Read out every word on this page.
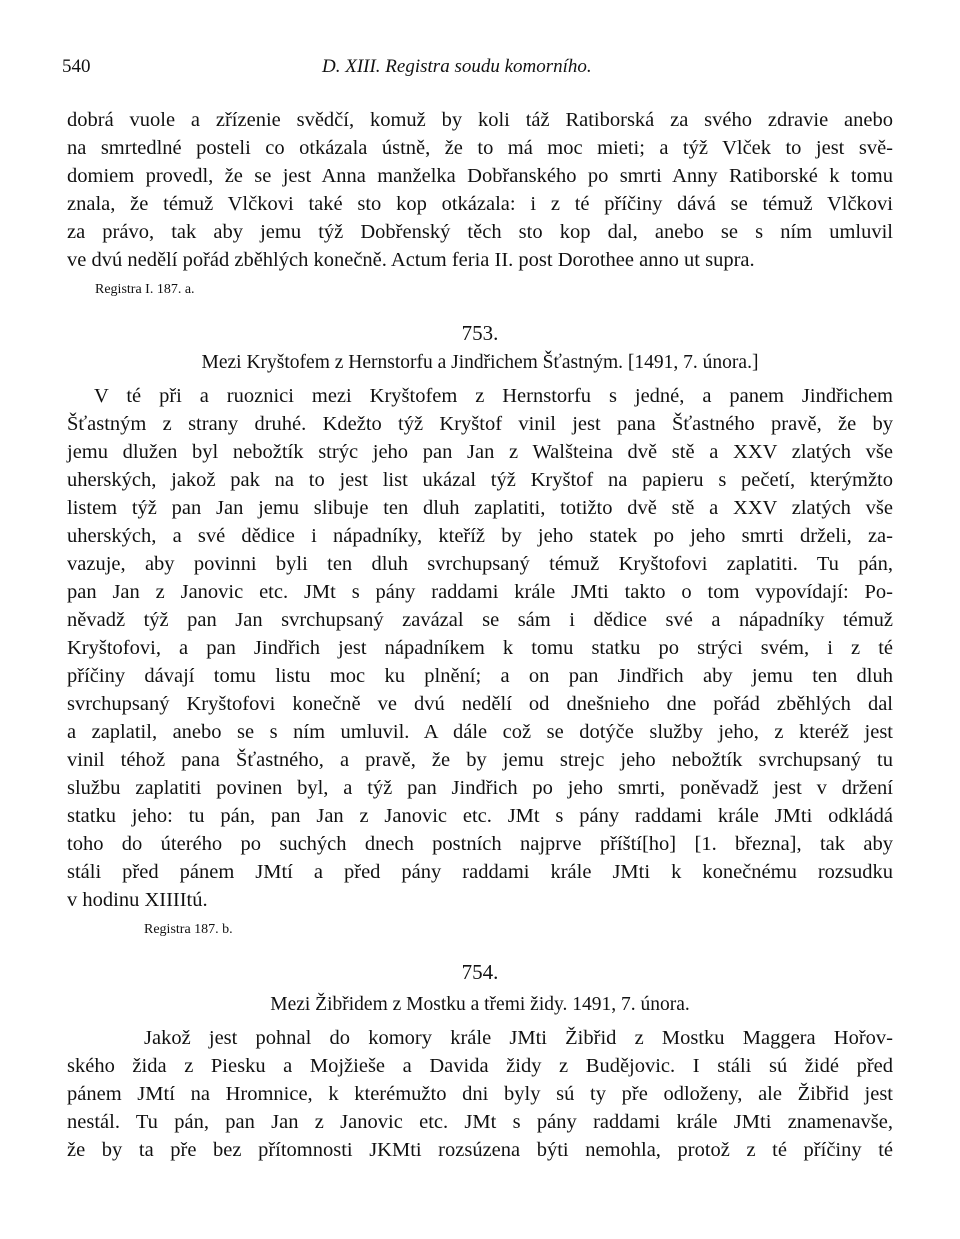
540	D. XIII. Registra soudu komorního.
dobrá vuole a zřízenie svědčí, komuž by koli táž Ratiborská za svého zdravie anebo
na smrtedlné posteli co otkázala ústně, že to má moc mieti; a týž Vlček to jest svě-
domiem provedl, že se jest Anna manželka Dobřanského po smrti Anny Ratiborské k tomu
znala, že témuž Vlčkovi také sto kop otkázala: i z té příčiny dává se témuž Vlčkovi
za právo, tak aby jemu týž Dobřenský těch sto kop dal, anebo se s ním umluvil
ve dvú nedělí pořád zběhlých konečně. Actum feria II. post Dorothee anno ut supra.
Registra I. 187. a.
753.
Mezi Kryštofem z Hernstorfu a Jindřichem Šťastným. [1491, 7. února.]
V té při a ruoznici mezi Kryštofem z Hernstorfu s jedné, a panem Jindřichem
Šťastným z strany druhé. Kdežto týž Kryštof vinil jest pana Šťastného pravě, že by
jemu dlužen byl nebožtík strýc jeho pan Jan z Walšteina dvě stě a XXV zlatých vše
uherských, jakož pak na to jest list ukázal týž Kryštof na papieru s pečetí, kterýmžto
listem týž pan Jan jemu slibuje ten dluh zaplatiti, totižto dvě stě a XXV zlatých vše
uherských, a své dědice i nápadníky, kteříž by jeho statek po jeho smrti drželi, za-
vazuje, aby povinni byli ten dluh svrchupsaný témuž Kryštofovi zaplatiti. Tu pán,
pan Jan z Janovic etc. JMt s pány raddami krále JMti takto o tom vypovídají: Po-
něvadž týž pan Jan svrchupsaný zavázal se sám i dědice své a nápadníky témuž
Kryštofovi, a pan Jindřich jest nápadníkem k tomu statku po strýci svém, i z té
příčiny dávají tomu listu moc ku plnění; a on pan Jindřich aby jemu ten dluh
svrchupsaný Kryštofovi konečně ve dvú nedělí od dnešnieho dne pořád zběhlých dal
a zaplatil, anebo se s ním umluvil. A dále což se dotýče služby jeho, z kteréž jest
vinil téhož pana Šťastného, a pravě, že by jemu strejc jeho nebožtík svrchupsaný tu
službu zaplatiti povinen byl, a týž pan Jindřich po jeho smrti, poněvadž jest v držení
statku jeho: tu pán, pan Jan z Janovic etc. JMt s pány raddami krále JMti odkládá
toho do úterého po suchých dnech postních najprve příští[ho] [1. března], tak aby
stáli před pánem JMtí a před pány raddami krále JMti k konečnému rozsudku
v hodinu XIIIItú.
Registra 187. b.
754.
Mezi Žibřidem z Mostku a třemi židy. 1491, 7. února.
Jakož jest pohnal do komory krále JMti Žibřid z Mostku Maggera Hořov-
ského žida z Piesku a Mojžieše a Davida židy z Budějovic. I stáli sú židé před
pánem JMtí na Hromnice, k kterémužto dni byly sú ty pře odloženy, ale Žibřid jest
nestál. Tu pán, pan Jan z Janovic etc. JMt s pány raddami krále JMti znamenavše,
že by ta pře bez přítomnosti JKMti rozsúzena býti nemohla, protož z té příčiny té
